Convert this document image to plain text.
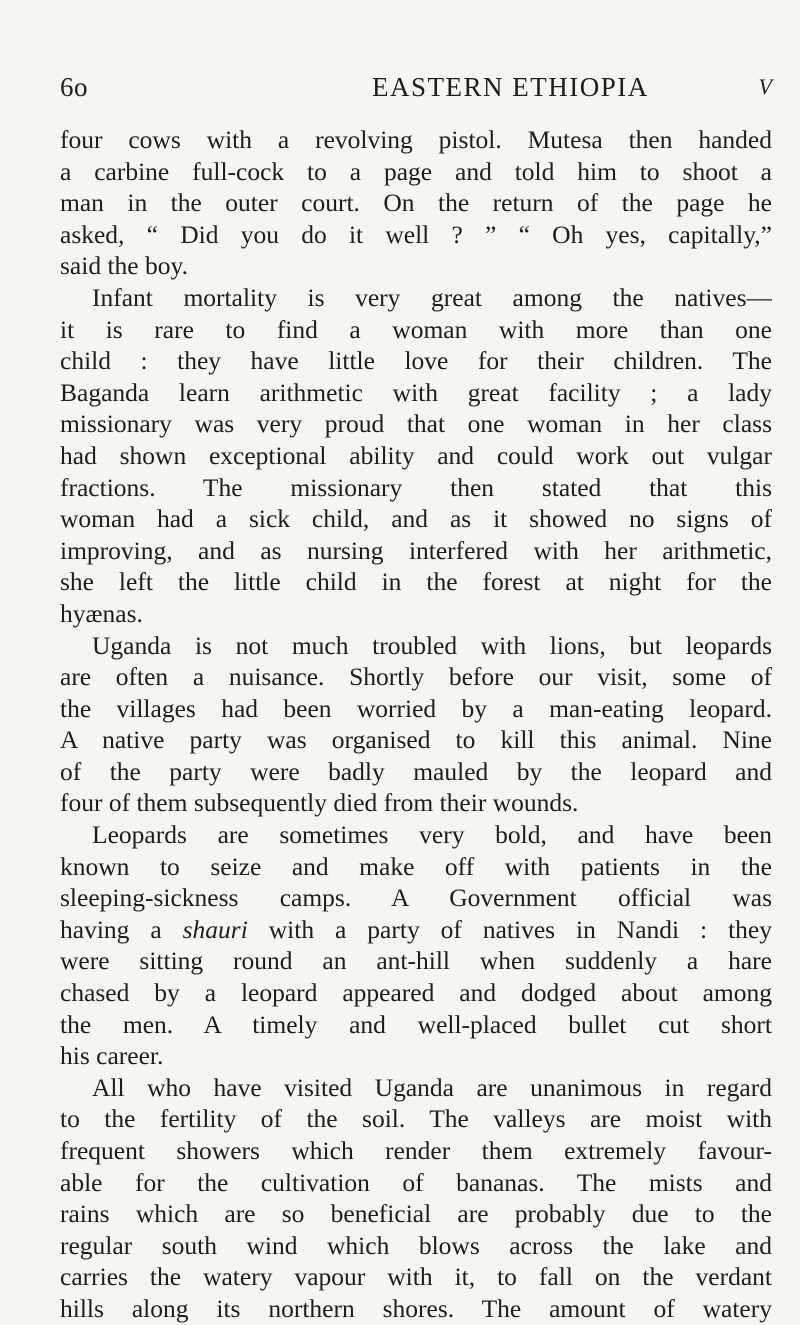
6o	EASTERN ETHIOPIA	V
four cows with a revolving pistol. Mutesa then handed
a carbine full-cock to a page and told him to shoot a
man in the outer court. On the return of the page he
asked, “ Did you do it well ? ” “ Oh yes, capitally,”
said the boy.
Infant mortality is very great among the natives—
it is rare to find a woman with more than one
child : they have little love for their children. The
Baganda learn arithmetic with great facility ; a lady
missionary was very proud that one woman in her class
had shown exceptional ability and could work out vulgar
fractions. The missionary then stated that this
woman had a sick child, and as it showed no signs of
improving, and as nursing interfered with her arithmetic,
she left the little child in the forest at night for the
hyænas.
Uganda is not much troubled with lions, but leopards
are often a nuisance. Shortly before our visit, some of
the villages had been worried by a man-eating leopard.
A native party was organised to kill this animal. Nine
of the party were badly mauled by the leopard and
four of them subsequently died from their wounds.
Leopards are sometimes very bold, and have been
known to seize and make off with patients in the
sleeping-sickness camps. A Government official was
having a shauri with a party of natives in Nandi : they
were sitting round an ant-hill when suddenly a hare
chased by a leopard appeared and dodged about among
the men. A timely and well-placed bullet cut short
his career.
All who have visited Uganda are unanimous in regard
to the fertility of the soil. The valleys are moist with
frequent showers which render them extremely favour-
able for the cultivation of bananas. The mists and
rains which are so beneficial are probably due to the
regular south wind which blows across the lake and
carries the watery vapour with it, to fall on the verdant
hills along its northern shores. The amount of watery
